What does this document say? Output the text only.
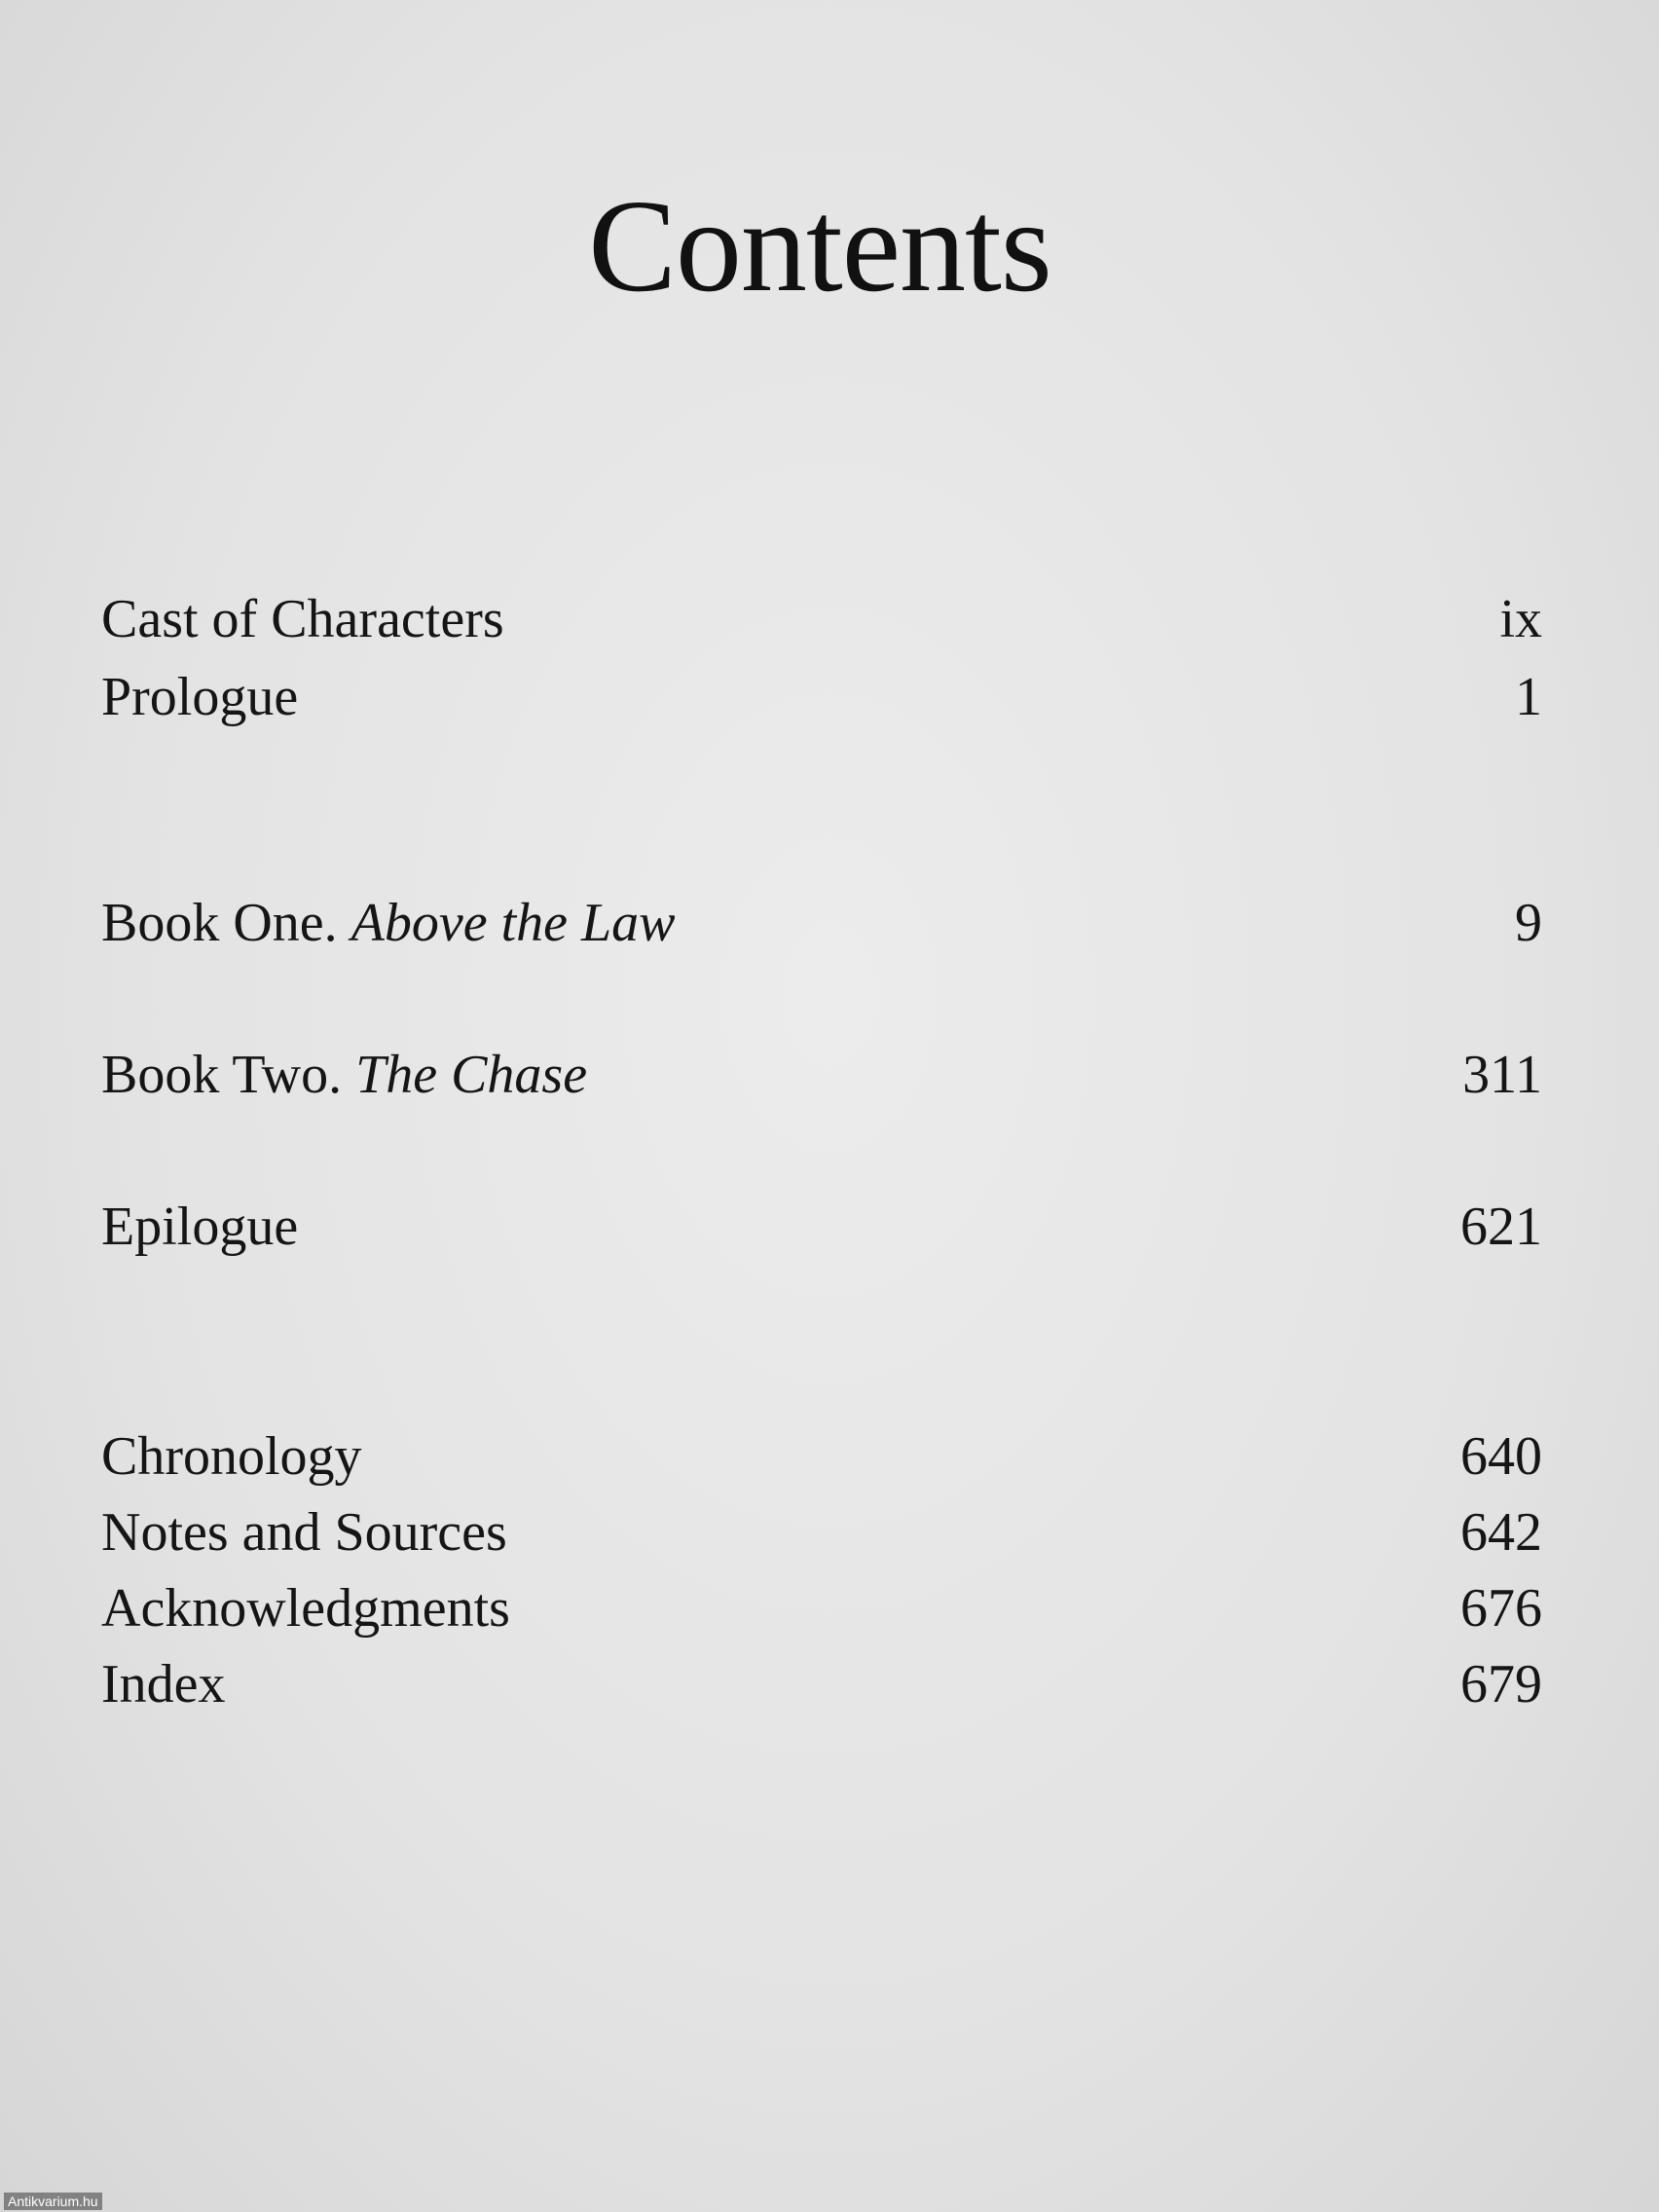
Contents
Cast of Characters	ix
Prologue	1
Book One. Above the Law	9
Book Two. The Chase	311
Epilogue	621
Chronology	640
Notes and Sources	642
Acknowledgments	676
Index	679
Antikvarium.hu
